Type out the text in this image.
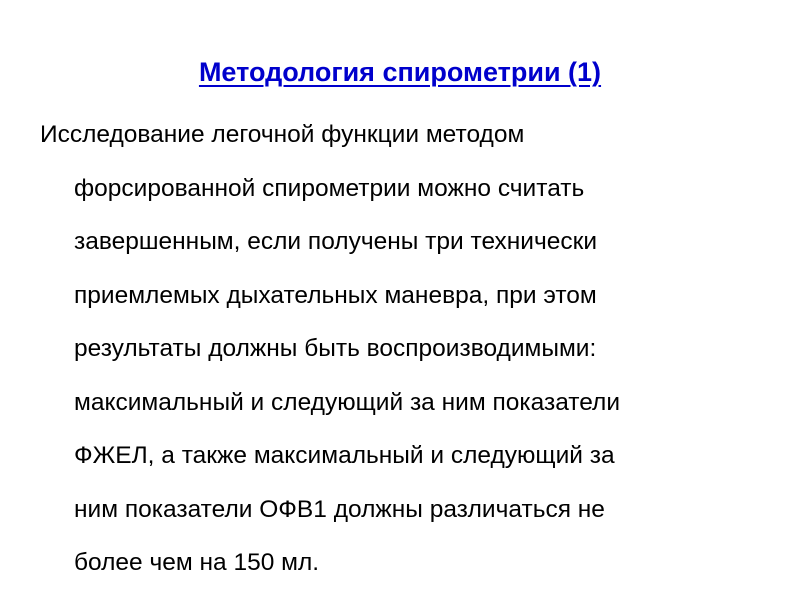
Методология спирометрии (1)

Исследование легочной функции методом
форсированной спирометрии можно считать
завершенным, если получены три технически
приемлемых дыхательных маневра, при этом
результаты должны быть воспроизводимыми:
максимальный и следующий за ним показатели
ФЖЕЛ, а также максимальный и следующий за
ним показатели ОФВ1 должны различаться не
более чем на 150 мл.
